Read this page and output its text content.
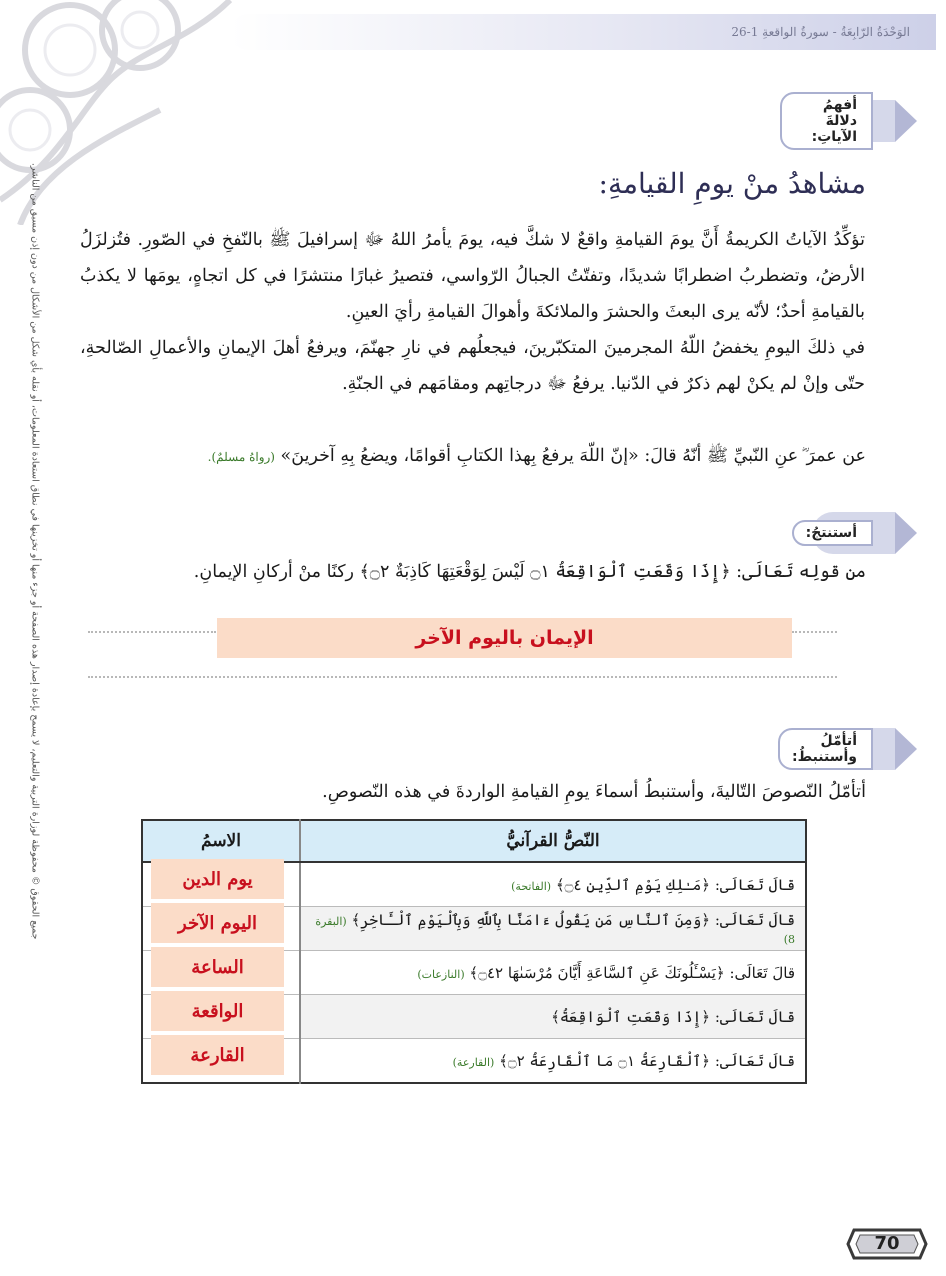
الوَحْدَةُ الرّابِعَةُ - سورةُ الواقعةِ 1-26
أفهمُ دلالةَ الآياتِ:
مشاهدُ منْ يومِ القيامةِ:
تؤكِّدُ الآياتُ الكريمةُ أَنَّ يومَ القيامةِ واقعٌ لا شكَّ فيه، يومَ يأمرُ اللهُ ﷻ إسرافيلَ ﷺ بالنّفخِ في الصّورِ. فتُزلزَلُ الأرضُ، وتضطربُ اضطرابًا شديدًا، وتفتّتُ الجبالُ الرّواسي، فتصيرُ غبارًا منتشرًا في كل اتجاهٍ، يومَها لا يكذبُ بالقيامةِ أحدٌ؛ لأنّه يرى البعثَ والحشرَ والملائكةَ وأهوالَ القيامةِ رأيَ العينِ.
في ذلكَ اليومِ يخفضُ اللّهُ المجرمينَ المتكبّرينَ، فيجعلُهم في نارِ جهنّمَ، ويرفعُ أهلَ الإيمانِ والأعمالِ الصّالحةِ، حتّى وإنْ لم يكنْ لهم ذكرٌ في الدّنيا. يرفعُ ﷻ درجاتِهم ومقامَهم في الجنّةِ.
عن عمرَ ؓ عنِ النّبيِّ ﷺ أنّهُ قالَ: «إنّ اللّهَ يرفعُ بِهذا الكتابِ أقوامًا، ويضعُ بِهِ آخرينَ» (رواهُ مسلمٌ).
أستنتجُ:
من قولِه تَعَالَى: ﴿إِذَا وَقَعَتِ ٱلْوَاقِعَةُ ۝١ لَيْسَ لِوَقْعَتِهَا كَاذِبَةٌ ۝٢﴾ ركنًا منْ أركانِ الإيمانِ.
الإيمان باليوم الآخر
أتأمّلُ وأستنبطُ:
أتأمّلُ النّصوصَ التّاليةَ، وأستنبطُ أسماءَ يومِ القيامةِ الواردةَ في هذه النّصوصِ.
النّصُّ القرآنيُّ	الاسمُ
قالَ تَعَالَى: ﴿مَـٰلِكِ يَوْمِ ٱلدِّينِ ۝٤﴾ (الفاتحة)	يوم الدين

قالَ تَعَالَى: ﴿وَمِنَ ٱلنَّاسِ مَن يَقُولُ ءَامَنَّا بِٱللَّهِ وَبِٱلْيَوْمِ ٱلْـَٔاخِرِ﴾ (البقرة 8)	اليوم الآخر

قالَ تَعَالَى: ﴿يَسْـَٔلُونَكَ عَنِ ٱلسَّاعَةِ أَيَّانَ مُرْسَىٰهَا ۝٤٢﴾ (النازعات)	الساعة

قالَ تَعَالَى: ﴿إِذَا وَقَعَتِ ٱلْوَاقِعَةُ﴾	الواقعة

قالَ تَعَالَى: ﴿ٱلْقَارِعَةُ ۝١ مَا ٱلْقَارِعَةُ ۝٢﴾ (القارعة)	القارعة
جميع الحقوق © محفوظة لوزارة التربية والتعليم، لا يسمح بإعادة إصدار هذه الصفحة أو جزء منها أو تخزينها في نطاق استعادة المعلومات، أو نقله بأي شكل من الأشكال من دون إذن مسبق من الناشر.
70
